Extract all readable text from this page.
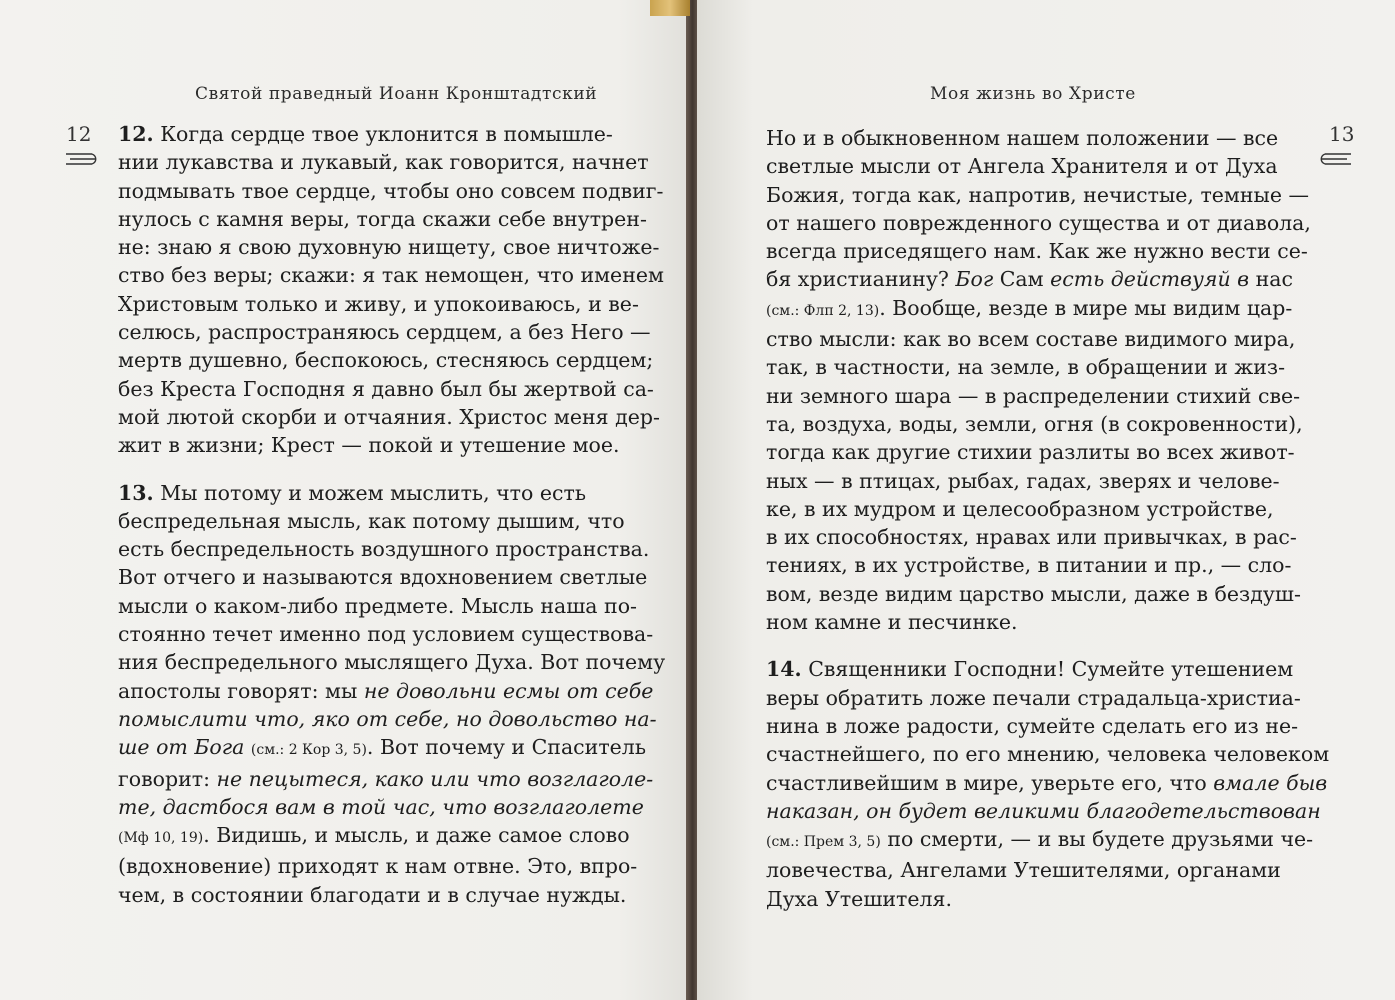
Святой праведный Иоанн Кронштадтский
12 12. Когда сердце твое уклонится в помышле-
нии лукавства и лукавый, как говорится, начнет
подмывать твое сердце, чтобы оно совсем подвиг-
нулось с камня веры, тогда скажи себе внутрен-
не: знаю я свою духовную нищету, свое ничтоже-
ство без веры; скажи: я так немощен, что именем
Христовым только и живу, и упокоиваюсь, и ве-
селюсь, распространяюсь сердцем, а без Него —
мертв душевно, беспокоюсь, стесняюсь сердцем;
без Креста Господня я давно был бы жертвой са-
мой лютой скорби и отчаяния. Христос меня дер-
жит в жизни; Крест — покой и утешение мое.
13. Мы потому и можем мыслить, что есть
беспредельная мысль, как потому дышим, что
есть беспредельность воздушного пространства.
Вот отчего и называются вдохновением светлые
мысли о каком-либо предмете. Мысль наша по-
стоянно течет именно под условием существова-
ния беспредельного мыслящего Духа. Вот почему
апостолы говорят: мы не довольни есмы от себе
помыслити что, яко от себе, но довольство на-
ше от Бога (см.: 2 Кор 3, 5). Вот почему и Спаситель
говорит: не пецытеся, како или что возглаголе-
те, дастбося вам в той час, что возглаголете
(Мф 10, 19). Видишь, и мысль, и даже самое слово
(вдохновение) приходят к нам отвне. Это, впро-
чем, в состоянии благодати и в случае нужды.
Моя жизнь во Христе
13
Но и в обыкновенном нашем положении — все
светлые мысли от Ангела Хранителя и от Духа
Божия, тогда как, напротив, нечистые, темные —
от нашего поврежденного существа и от диавола,
всегда приседящего нам. Как же нужно вести се-
бя христианину? Бог Сам есть действуяй в нас
(см.: Флп 2, 13). Вообще, везде в мире мы видим цар-
ство мысли: как во всем составе видимого мира,
так, в частности, на земле, в обращении и жиз-
ни земного шара — в распределении стихий све-
та, воздуха, воды, земли, огня (в сокровенности),
тогда как другие стихии разлиты во всех живот-
ных — в птицах, рыбах, гадах, зверях и челове-
ке, в их мудром и целесообразном устройстве,
в их способностях, нравах или привычках, в рас-
тениях, в их устройстве, в питании и пр., — сло-
вом, везде видим царство мысли, даже в бездуш-
ном камне и песчинке.
14. Священники Господни! Сумейте утешением
веры обратить ложе печали страдальца-христиа-
нина в ложе радости, сумейте сделать его из не-
счастнейшего, по его мнению, человека человеком
счастливейшим в мире, уверьте его, что вмале быв
наказан, он будет великими благодетельствован
(см.: Прем 3, 5) по смерти, — и вы будете друзьями че-
ловечества, Ангелами Утешителями, органами
Духа Утешителя.
